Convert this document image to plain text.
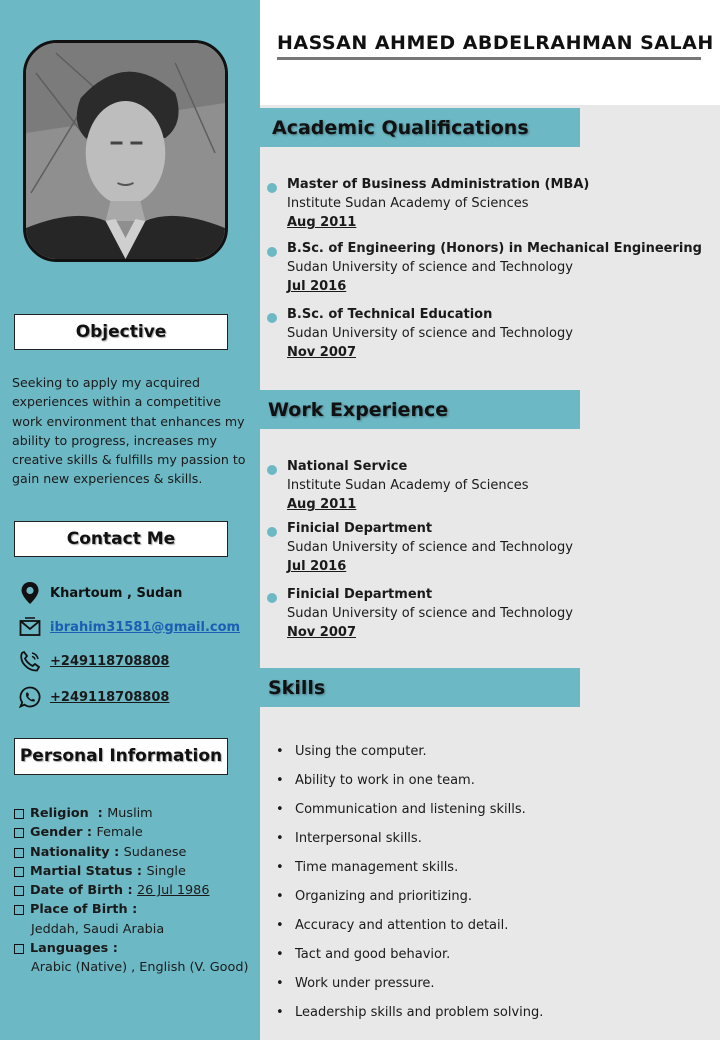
Objective
Seeking to apply my acquired experiences within a competitive work environment that enhances my ability to progress, increases my creative skills & fulfills my passion to gain new experiences & skills.
Contact Me
Khartoum , Sudan
ibrahim31581@gmail.com
+249118708808
+249118708808
Personal Information
Religion  : Muslim
Gender : Female
Nationality : Sudanese
Martial Status : Single
Date of Birth : 26 Jul 1986
Place of Birth :
Jeddah, Saudi Arabia
Languages :
Arabic (Native) , English (V. Good)
HASSAN AHMED ABDELRAHMAN SALAH
Academic Qualifications
Master of Business Administration (MBA)
Institute Sudan Academy of Sciences
Aug 2011
B.Sc. of Engineering (Honors) in Mechanical Engineering
Sudan University of science and Technology
Jul 2016
B.Sc. of Technical Education
Sudan University of science and Technology
Nov 2007
Work Experience
National Service
Institute Sudan Academy of Sciences
Aug 2011
Finicial Department
Sudan University of science and Technology
Jul 2016
Finicial Department
Sudan University of science and Technology
Nov 2007
Skills
• Using the computer.
• Ability to work in one team.
• Communication and listening skills.
• Interpersonal skills.
• Time management skills.
• Organizing and prioritizing.
• Accuracy and attention to detail.
• Tact and good behavior.
• Work under pressure.
• Leadership skills and problem solving.
